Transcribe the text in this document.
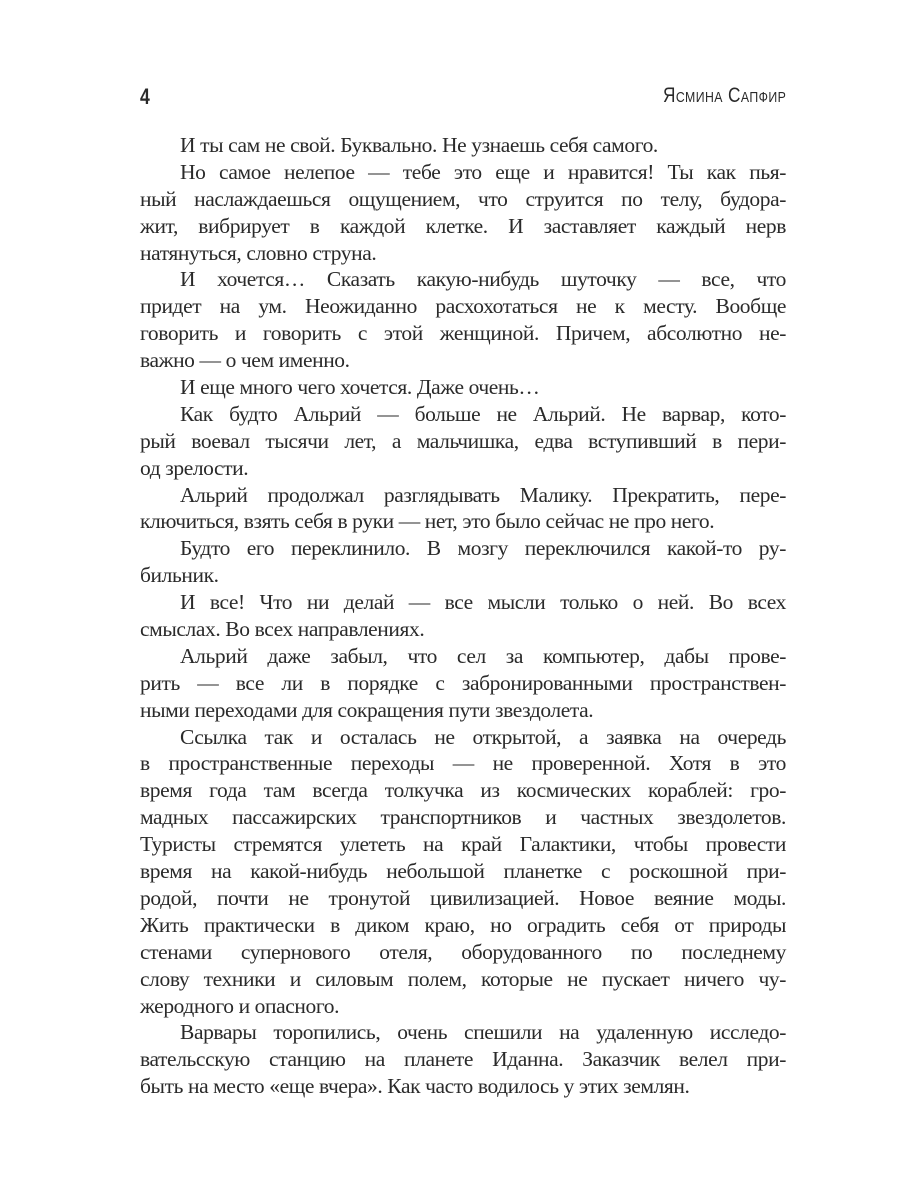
4	Ясмина Сапфир
И ты сам не свой. Буквально. Не узнаешь себя самого.
Но самое нелепое — тебе это еще и нравится! Ты как пья-
ный наслаждаешься ощущением, что струится по телу, будора-
жит, вибрирует в каждой клетке. И заставляет каждый нерв
натянуться, словно струна.
И хочется… Сказать какую-нибудь шуточку — все, что
придет на ум. Неожиданно расхохотаться не к месту. Вообще
говорить и говорить с этой женщиной. Причем, абсолютно не-
важно — о чем именно.
И еще много чего хочется. Даже очень…
Как будто Альрий — больше не Альрий. Не варвар, кото-
рый воевал тысячи лет, а мальчишка, едва вступивший в пери-
од зрелости.
Альрий продолжал разглядывать Малику. Прекратить, пере-
ключиться, взять себя в руки — нет, это было сейчас не про него.
Будто его переклинило. В мозгу переключился какой-то ру-
бильник.
И все! Что ни делай — все мысли только о ней. Во всех
смыслах. Во всех направлениях.
Альрий даже забыл, что сел за компьютер, дабы прове-
рить — все ли в порядке с забронированными пространствен-
ными переходами для сокращения пути звездолета.
Ссылка так и осталась не открытой, а заявка на очередь
в пространственные переходы — не проверенной. Хотя в это
время года там всегда толкучка из космических кораблей: гро-
мадных пассажирских транспортников и частных звездолетов.
Туристы стремятся улететь на край Галактики, чтобы провести
время на какой-нибудь небольшой планетке с роскошной при-
родой, почти не тронутой цивилизацией. Новое веяние моды.
Жить практически в диком краю, но оградить себя от природы
стенами супернового отеля, оборудованного по последнему
слову техники и силовым полем, которые не пускает ничего чу-
жеродного и опасного.
Варвары торопились, очень спешили на удаленную исследо-
вательсскую станцию на планете Иданна. Заказчик велел при-
быть на место «еще вчера». Как часто водилось у этих землян.
